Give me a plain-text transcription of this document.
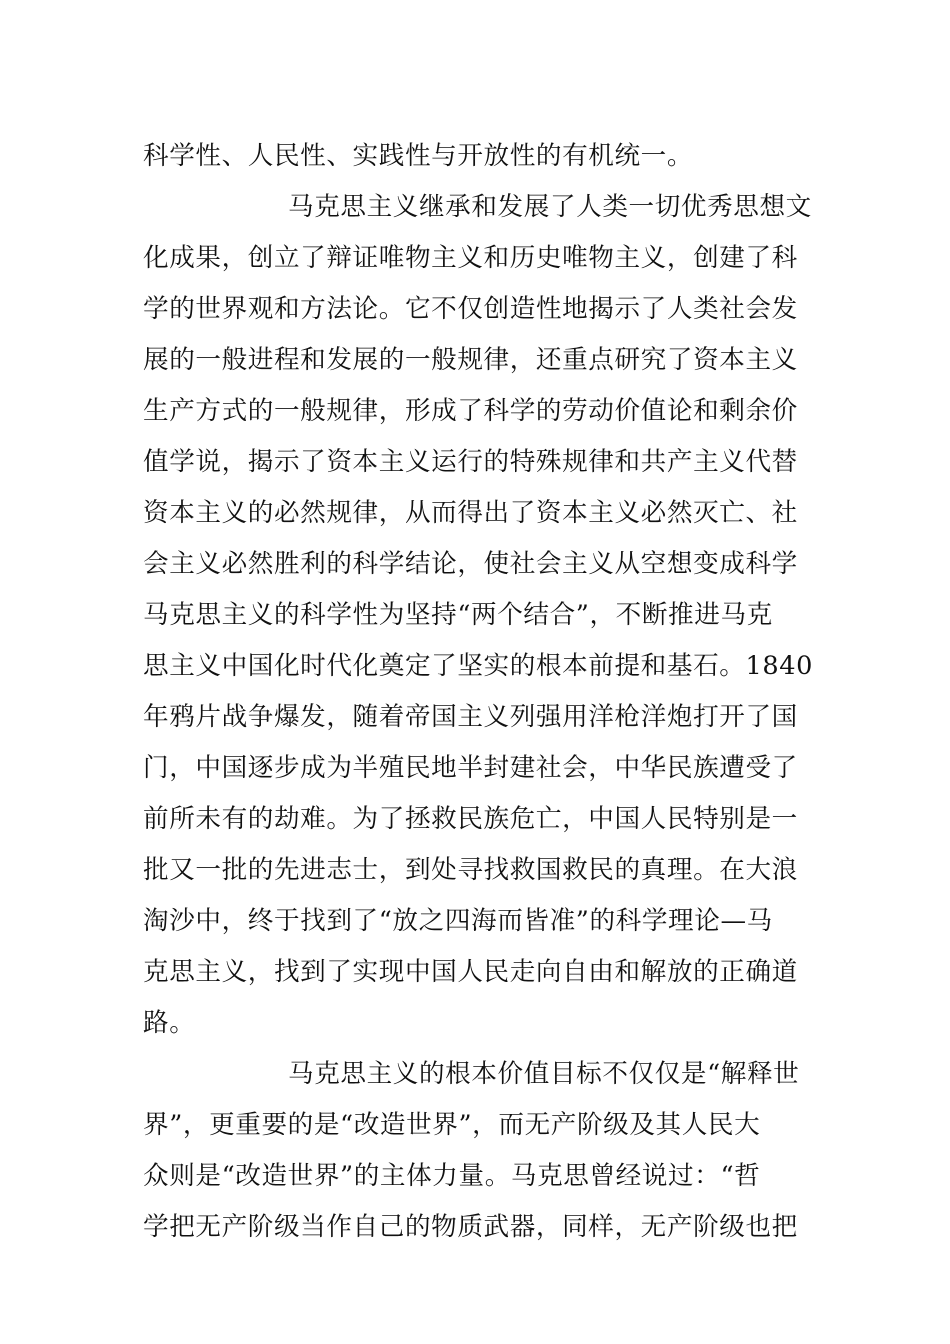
科学性、人民性、实践性与开放性的有机统一。
马克思主义继承和发展了人类一切优秀思想文
化成果，创立了辩证唯物主义和历史唯物主义，创建了科
学的世界观和方法论。它不仅创造性地揭示了人类社会发
展的一般进程和发展的一般规律，还重点研究了资本主义
生产方式的一般规律，形成了科学的劳动价值论和剩余价
值学说，揭示了资本主义运行的特殊规律和共产主义代替
资本主义的必然规律，从而得出了资本主义必然灭亡、社
会主义必然胜利的科学结论，使社会主义从空想变成科学
马克思主义的科学性为坚持“两个结合”，不断推进马克
思主义中国化时代化奠定了坚实的根本前提和基石。1840
年鸦片战争爆发，随着帝国主义列强用洋枪洋炮打开了国
门，中国逐步成为半殖民地半封建社会，中华民族遭受了
前所未有的劫难。为了拯救民族危亡，中国人民特别是一
批又一批的先进志士，到处寻找救国救民的真理。在大浪
淘沙中，终于找到了“放之四海而皆准”的科学理论—马
克思主义，找到了实现中国人民走向自由和解放的正确道
路。
马克思主义的根本价值目标不仅仅是“解释世
界”，更重要的是“改造世界”，而无产阶级及其人民大
众则是“改造世界”的主体力量。马克思曾经说过：“哲
学把无产阶级当作自己的物质武器，同样，无产阶级也把
